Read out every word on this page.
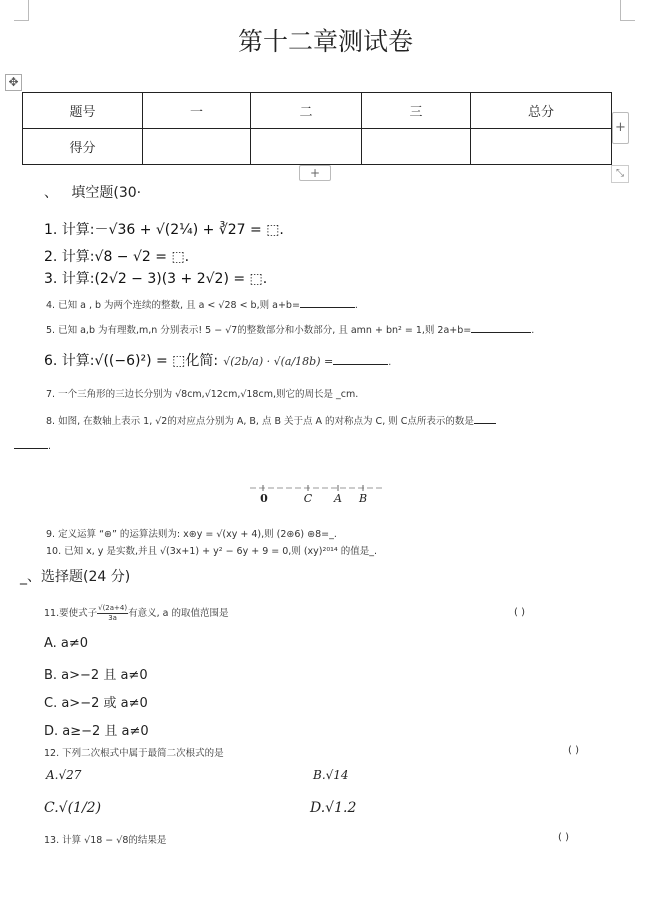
第十二章测试卷
✥
题号	一	二	三	总分
得分				
+
+	⤡
、 填空题(30·
1. 计算:－√36 + √(2¼) + ∛27 = ⬚.
2. 计算:√8 − √2 = ⬚.
3. 计算:(2√2 − 3)(3 + 2√2) = ⬚.
4. 已知 a , b 为两个连续的整数, 且 a < √28 < b,则 a+b=	.
5. 已知 a,b 为有理数,m,n 分别表示! 5 − √7的整数部分和小数部分, 且 amn + bn² = 1,则 2a+b=	.
6. 计算:√((−6)²) = ⬚化简: √(2b/a) · √(a/18b) =	.
7. 一个三角形的三边长分别为 √8cm,√12cm,√18cm,则它的周长是 _cm.
8. 如图, 在数轴上表示 1, √2的对应点分别为 A, B, 点 B 关于点 A 的对称点为 C, 则 C点所表示的数是
.
0	C A B
9. 定义运算 “⊛” 的运算法则为: x⊛y = √(xy + 4),则 (2⊛6) ⊛8=_.
10. 已知 x, y 是实数,并且 √(3x+1) + y² − 6y + 9 = 0,则 (xy)²⁰¹⁴ 的值是_.
_、选择题(24 分)
11.要使式子 $\frac{√(2a+4)}{3a}$ 有意义, a 的取值范围是	( )
A. a≠0
B. a>−2 且 a≠0
C. a>−2 或 a≠0
D. a≥−2 且 a≠0
12. 下列二次根式中属于最简二次根式的是	( )
A.√27	B.√14
C.√(1/2)	D.√1.2
13. 计算 √18 − √8的结果是	( )
